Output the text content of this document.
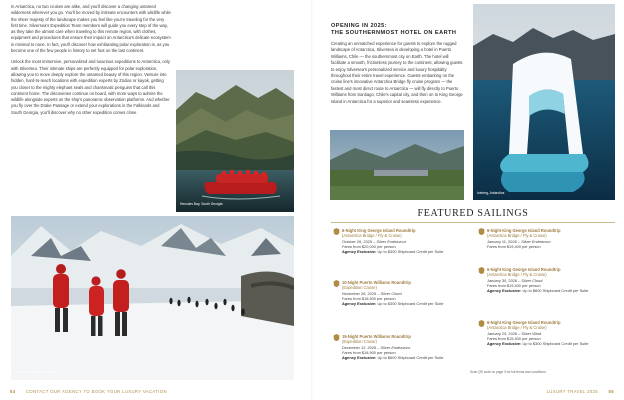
In Antarctica, no two cruises are alike, and you'll discover a changing untamed wilderness wherever you go. You'll be moved by intimate encounters with wildlife while the sheer majesty of the landscape makes you feel like you're traveling for the very first time. Silversea's Expedition Team members will guide you every step of the way, as they take the utmost care when traveling to this remote region, with clothes, equipment and procedures that ensure their impact on Antarctica's delicate ecosystem is minimal to none. In fact, you'll discover how exhilarating polar exploration is, as you become one of the few people in history to set foot on the last continent.

Unlock the most immersive, personalized and luxurious expeditions to Antarctica, only with Silversea. Their intimate ships are perfectly equipped for polar exploration, allowing you to move deeply explore the untamed beauty of this region. Venture into hidden, hard-to-reach locations with expedition experts by Zodiac or kayak, getting you closer to the mighty elephant seals and charismatic penguins that call this continent home. The discoveries continue on board, with more ways to admire the wildlife alongside experts on the ship's panoramic observation platforms. And whether you fly over the Drake Passage or extend your explorations in the Falklands and South Georgia, you'll discover why no other expedition comes close.

Hercules Bay, South Georgia
Expedition Guides, Antarctica
OPENING IN 2025:
THE SOUTHERNMOST HOTEL ON EARTH
Creating an unmatched experience for guests to explore the rugged landscape of Antarctica, Silversea is developing a hotel in Puerto Williams, Chile — the southernmost city on Earth. The hotel will facilitate a smooth, frictionless journey to the continent, allowing guests to enjoy Silversea's personalized service and luxury hospitality throughout their entire travel experience. Guests embarking on the cruise line's innovative Antarctica Bridge fly cruise program — the fastest and most direct route to Antarctica — will fly directly to Puerto Williams from Santiago, Chile's capital city, and then on to King George Island in Antarctica for a superior and seamless experience.
Iceberg, Antarctica
FEATURED SAILINGS
6-Night King George Island Roundtrip
(Antarctica Bridge / Fly & Cruise)
October 26, 2025 – Silver Endeavour
Fares from $20,000 per person
Agency Exclusive: Up to $300 Shipboard Credit per Suite
10-Night Puerto Williams Roundtrip
(Expedition Cruise)
November 26, 2025 – Silver Cloud
Fares from $16,500 per person
Agency Exclusive: Up to $300 Shipboard Credit per Suite
15-Night Puerto Williams Roundtrip
(Expedition Cruise)
December 12, 2025 – Silver Endeavour
Fares from $18,900 per person
Agency Exclusive: Up to $600 Shipboard Credit per Suite
6-Night King George Island Roundtrip
(Antarctica Bridge / Fly & Cruise)
January 11, 2026 – Silver Endeavour
Fares from $19,400 per person
6-Night King George Island Roundtrip
(Antarctica Bridge / Fly & Cruise)
January 30, 2026 – Silver Cloud
Fares from $19,400 per person
Agency Exclusive: Up to $600 Shipboard Credit per Suite
6-Night King George Island Roundtrip
(Antarctica Bridge / Fly & Cruise)
January 29, 2026 – Silver Wind
Fares from $15,400 per person
Agency Exclusive: Up to $300 Shipboard Credit per Suite
Scan QR code on page 3 for full terms and conditions.
54	CONTACT OUR AGENCY TO BOOK YOUR LUXURY VACATION	LUXURY TRAVEL 2025	55
